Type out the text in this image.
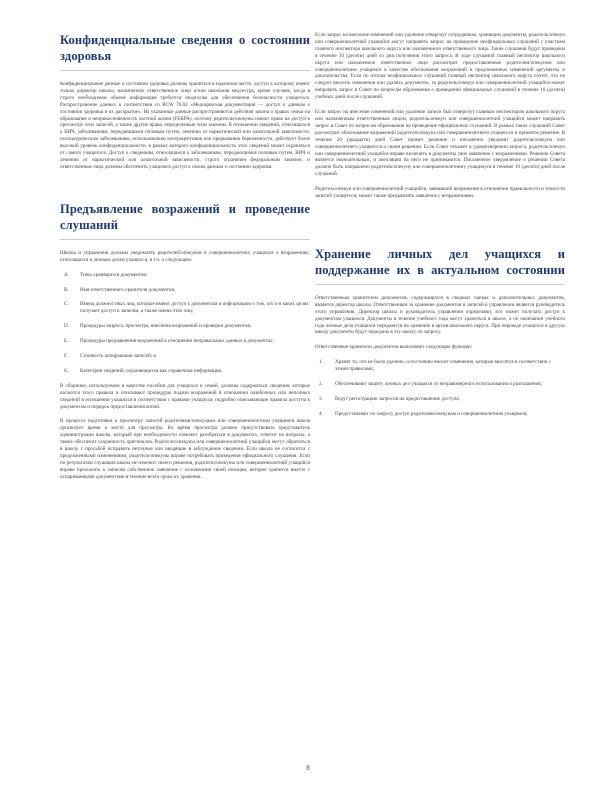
Конфиденциальные сведения о состоянии здоровья

Конфиденциальные данные о состоянии здоровья должны храниться в надежном месте, доступ к которому имеют только директор школы, назначенное ответственное лицо и/или школьная медсестра, кроме случаев, когда в строго необходимом объеме информация требуется педагогам для обеспечения безопасности учащегося. Распространение данных в соответствии со RCW 70.02 «Медицинская документация — доступ к данным о состоянии здоровья и их раскрытие». На указанные данные распространяются действия закона о правах семьи на образование и неприкосновенность частной жизни (FERPA), поэтому родители/опекуны имеют право на доступ к просмотру этих записей, а также другие права, определенные этим законом. В отношении сведений, относящихся к ВИЧ, заболеваниям, передающимся половым путем, лечению от наркотической или алкогольной зависимости, психиатрическим заболеваниям, использованию контрацептивов или прерыванию беременности, действует более высокий уровень конфиденциальности, в рамках которого конфиденциальность этих сведений может охраняться от самого учащегося. Доступ к сведениям, относящимся к заболеваниям, передающимся половым путем, ВИЧ и лечению от наркотической или алкогольной зависимости, строго ограничен федеральным законом, и ответственные лица должны обеспечить учащимся доступ к своим данным о состоянии здоровья.

Предъявление возражений и проведение слушаний

Школы и управления должны уведомлять родителей/опекунов и совершеннолетних учащихся о возражениях, относящихся к личным делам учащихся, в т.ч. о следующем:

A. Типы хранящихся документов;
B. Имя ответственного хранителя документов;
C. Имена должностных лиц, которые имеют доступ к документам и информацию о том, кто и в каких целях получает доступ к записям, а также имена этих лиц;
D. Процедуры запроса, просмотра, внесения возражений и проверки документов;
E. Процедуры предъявления возражений в отношении неправильных данных в документах;
F. Стоимость копирования записей; и
G. Категории сведений, охраняющихся как справочная информация.

В сборнике, используемом в качестве пособия для учащихся и семей, должны содержаться сведения, которые касаются этого правила и описывают процедуры подачи возражений в отношении ошибочных или неполных сведений в отношении учащихся в соответствии с правами учащихся, подробно описывающие правила доступа к документам и порядок предоставления копий.

В процессе подготовки к просмотру записей родителями/опекунами или совершеннолетним учащимся школа организует время и место для просмотра. Во время просмотра должен присутствовать представитель администрации школы, который при необходимости поможет разобраться в документах, ответит на вопросы, а также обеспечит сохранность оригиналов. Родители/опекуны или совершеннолетний учащийся могут обратиться в школу с просьбой исправить неточные или вводящие в заблуждение сведения. Если школа не согласится с предложенными изменениями, родители/опекуны вправе потребовать проведения официального слушания. Если по результатам слушания школа не изменит своего решения, родители/опекуны или совершеннолетний учащийся вправе приложить к записям собственное заявление с изложением своей позиции, которое хранится вместе с оспариваемыми документами в течение всего срока их хранения.

Если запрос на внесение изменений или удаление отвергнут сотрудником, хранящим документы, родитель/опекун или совершеннолетний учащийся могут направить запрос на проведение неофициальных слушаний с участием главного инспектора школьного округа или назначенного ответственного лица. Такие слушания будут проведены в течение 10 (десяти) дней со дня получения этого запроса. В ходе слушаний главный инспектор школьного округа или назначенное ответственное лицо рассмотрит предоставленные родителем/опекуном или совершеннолетним учащимся в качестве обоснования возражений и предложенных изменений аргументы и доказательства. Если по итогам неофициальных слушаний главный инспектор школьного округа сочтет, что не следует вносить изменения или удалять документы, то родитель/опекун или совершеннолетний учащийся может направить запрос в Совет по вопросам образования о проведении официальных слушаний в течение 10 (десяти) учебных дней после слушаний.

Если запрос на внесение изменений или удаление записи был отвергнут главным инспектором школьного округа или назначенным ответственным лицом, родитель/опекун или совершеннолетний учащийся может направить запрос в Совет по вопросам образования на проведение официальных слушаний. В рамках таких слушаний Совет рассмотрит обоснование возражений родителя/опекуна или совершеннолетнего учащегося и принятое решение. В течение 20 (двадцати) дней Совет примет решение и письменно уведомит родителя/опекуна или совершеннолетнего учащегося о своем решении. Если Совет откажет в удовлетворении запроса, родитель/опекун или совершеннолетний учащийся вправе включить в документы свое заявление с возражениями. Решение Совета является окончательным, и апелляции на него не принимаются. Письменное уведомление о решении Совета должно быть направлено родителю/опекуну или совершеннолетнему учащемуся в течение 10 (десяти) дней после слушаний.

Родитель/опекун или совершеннолетний учащийся, заявивший возражения в отношении правильности и точности записей учащегося, может также предъявлять заявление с возражениями.

Хранение личных дел учащихся и поддержание их в актуальном состоянии

Ответственным хранителем документов, содержащихся в сводных папках и дополнительных документов, является директор школы. Ответственным за хранение документов и записей в управлении является руководитель этого управления. Директор школы и руководитель управления определяют, кто может получать доступ к документам учащихся. Документы в течение учебного года могут храниться в школе, а по окончании учебного года личные дела учащихся передаются на хранение в архив школьного округа. При переводе учащихся в другую школу документы будут переданы в эту школу по запросу.

Ответственные хранители документов выполняют следующие функции:

1. Хранят то, что не было удалено, и постоянно вносят изменения, которые вносятся в соответствии с этими правилами;
2. Обеспечивают защиту личных дел учащихся от неправомерного использования и разглашения;
3. Ведут регистрацию запросов на предоставление доступа;
4. Предоставляют по запросу доступ родителям/опекунам и совершеннолетним учащимся;
8
